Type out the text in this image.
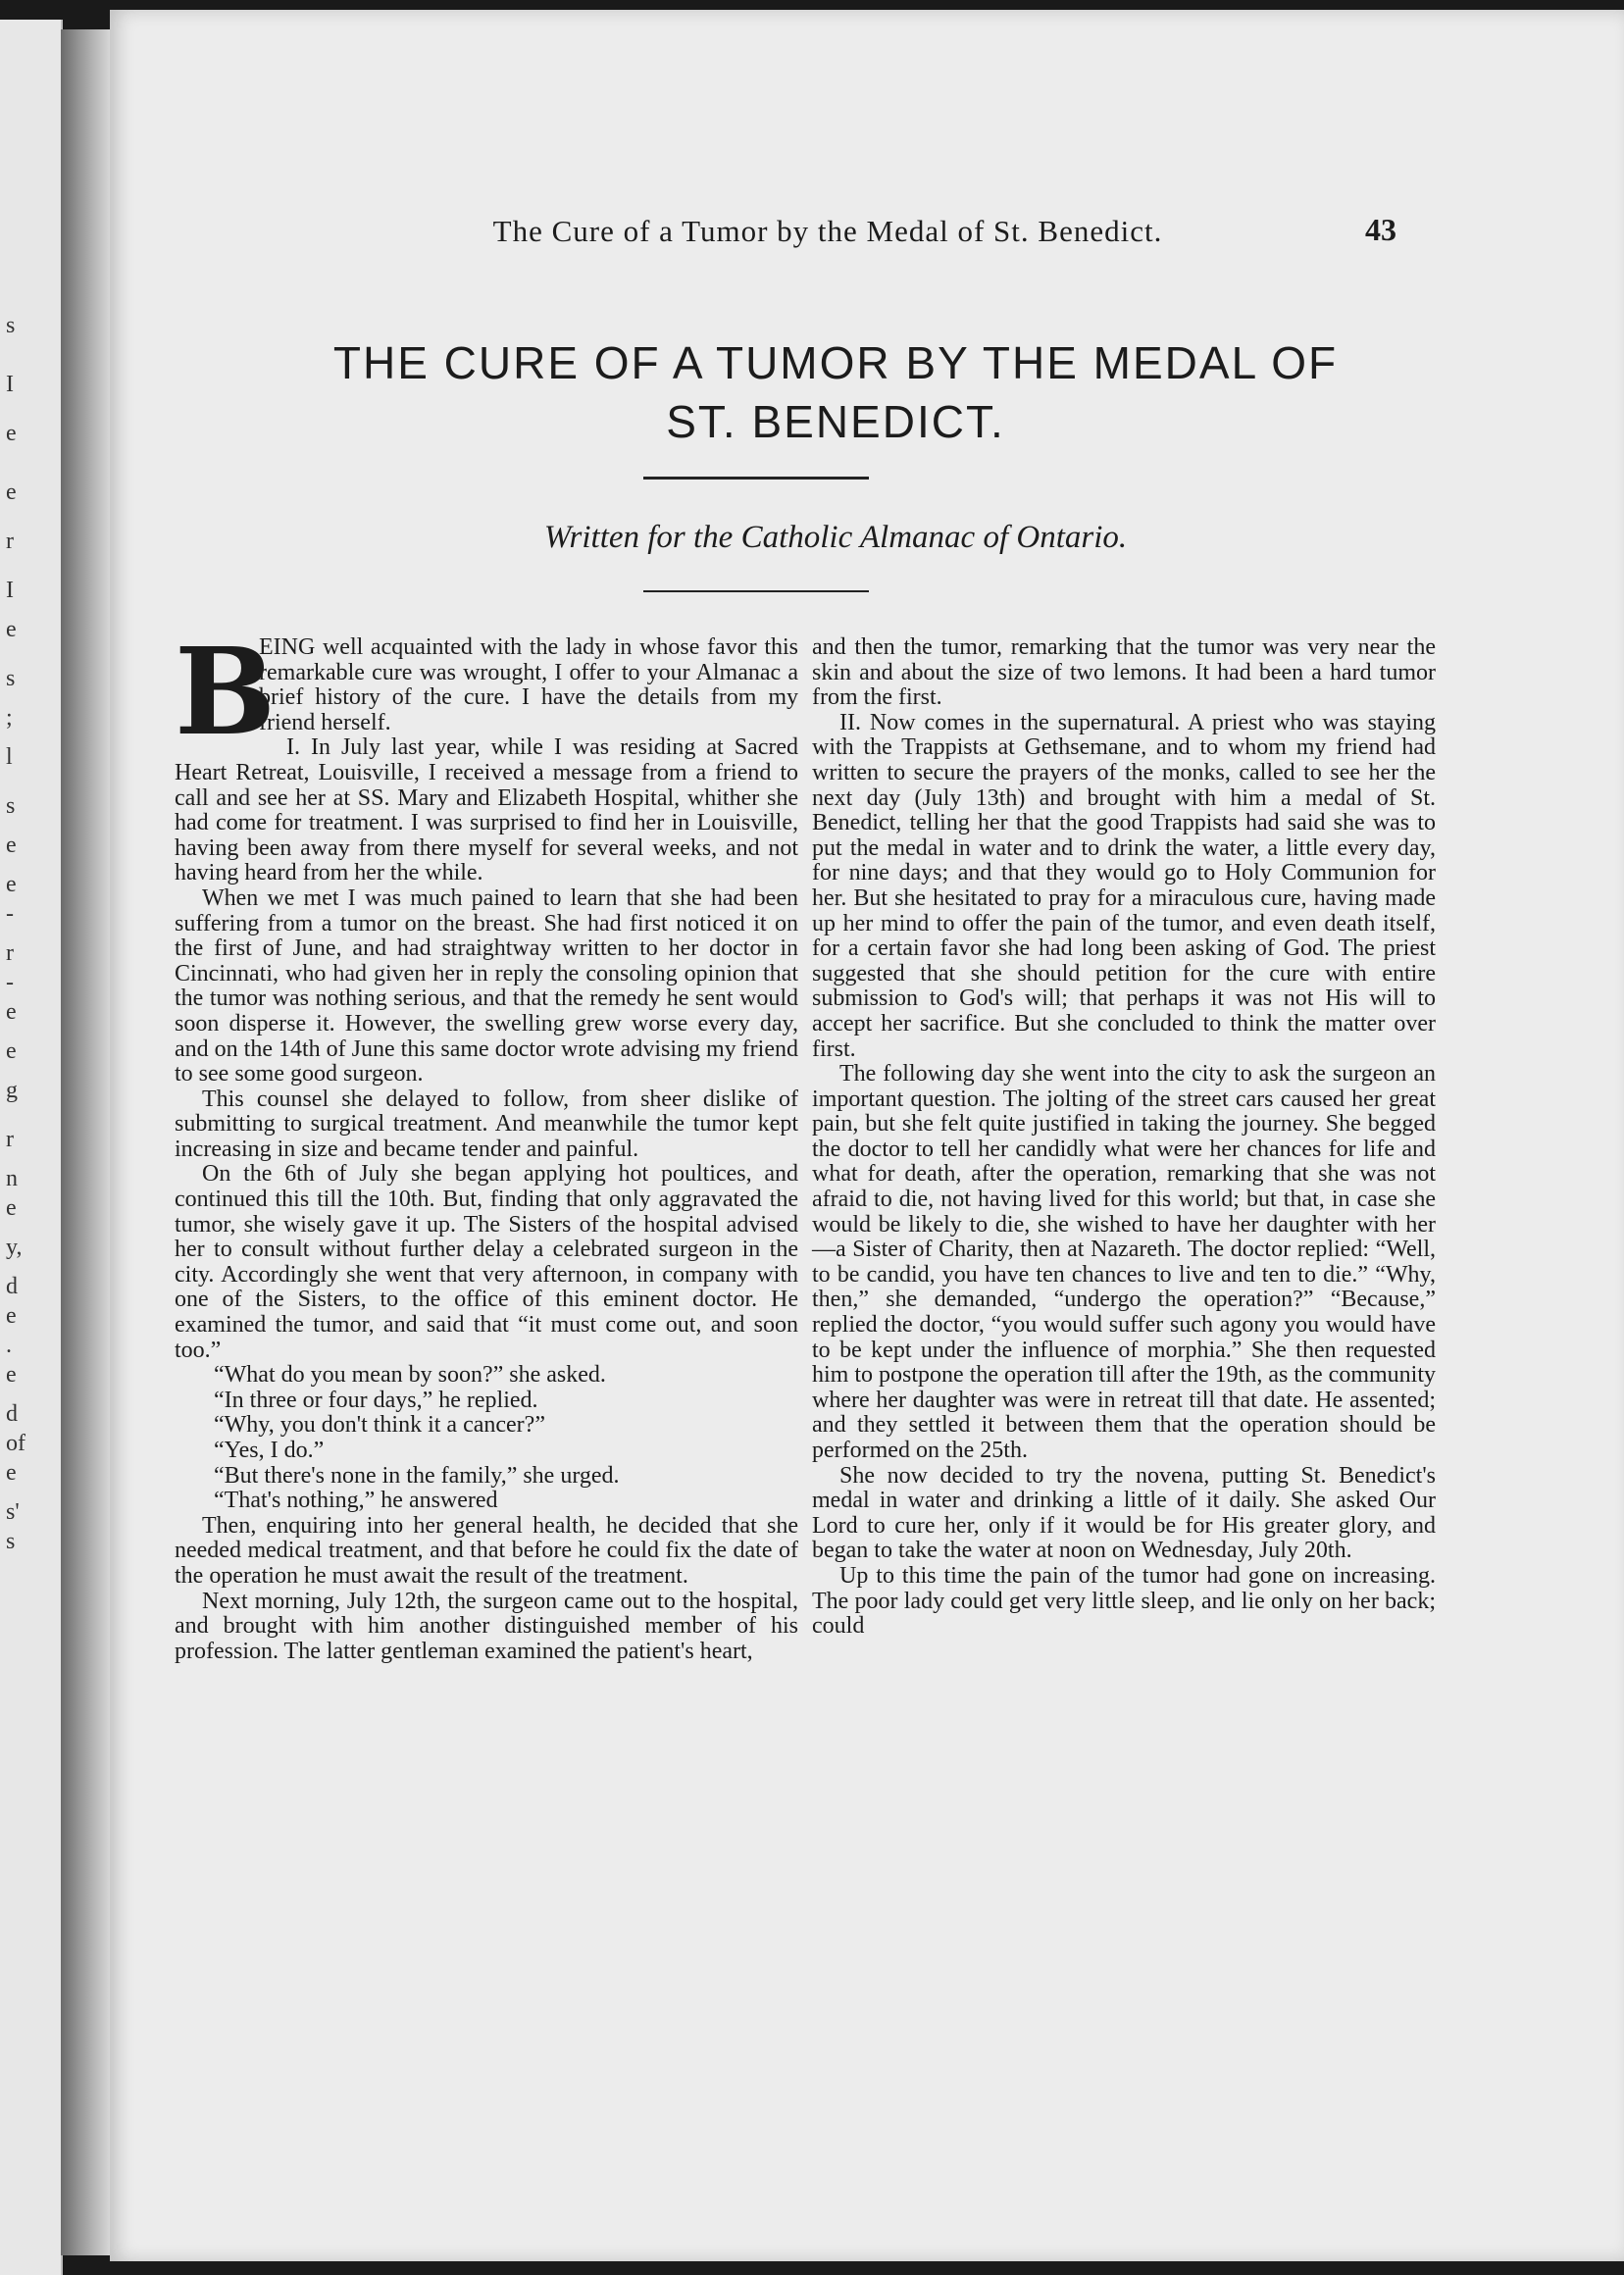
s
I
e
e
r
I
e
s
;
l
s
e
e
-
r
-
e
e
g
r
n
e
y,
d
e
.
e
d
of
e
s'
s
The Cure of a Tumor by the Medal of St. Benedict.	43
THE CURE OF A TUMOR BY THE MEDAL OF
ST. BENEDICT.
Written for the Catholic Almanac of Ontario.

B
EING well acquainted with the lady in whose favor this remarkable cure was wrought, I offer to your Almanac a brief history of the cure. I have the details from my friend herself.

I. In July last year, while I was residing at Sacred Heart Retreat, Louisville, I received a message from a friend to call and see her at SS. Mary and Elizabeth Hospital, whither she had come for treatment. I was surprised to find her in Louisville, having been away from there myself for several weeks, and not having heard from her the while.

When we met I was much pained to learn that she had been suffering from a tumor on the breast. She had first noticed it on the first of June, and had straightway written to her doctor in Cincinnati, who had given her in reply the consoling opinion that the tumor was nothing serious, and that the remedy he sent would soon disperse it. However, the swelling grew worse every day, and on the 14th of June this same doctor wrote advising my friend to see some good surgeon.

This counsel she delayed to follow, from sheer dislike of submitting to surgical treatment. And meanwhile the tumor kept increasing in size and became tender and painful.

On the 6th of July she began applying hot poultices, and continued this till the 10th. But, finding that only aggravated the tumor, she wisely gave it up. The Sisters of the hospital advised her to consult without further delay a celebrated surgeon in the city. Accordingly she went that very afternoon, in company with one of the Sisters, to the office of this eminent doctor. He examined the tumor, and said that “it must come out, and soon too.”

“What do you mean by soon?” she asked.

“In three or four days,” he replied.

“Why, you don't think it a cancer?”

“Yes, I do.”

“But there's none in the family,” she urged.

“That's nothing,” he answered

Then, enquiring into her general health, he decided that she needed medical treatment, and that before he could fix the date of the operation he must await the result of the treatment.

Next morning, July 12th, the surgeon came out to the hospital, and brought with him another distinguished member of his profession. The latter gentleman examined the patient's heart,

and then the tumor, remarking that the tumor was very near the skin and about the size of two lemons. It had been a hard tumor from the first.

II. Now comes in the supernatural. A priest who was staying with the Trappists at Gethsemane, and to whom my friend had written to secure the prayers of the monks, called to see her the next day (July 13th) and brought with him a medal of St. Benedict, telling her that the good Trappists had said she was to put the medal in water and to drink the water, a little every day, for nine days; and that they would go to Holy Communion for her. But she hesitated to pray for a miraculous cure, having made up her mind to offer the pain of the tumor, and even death itself, for a certain favor she had long been asking of God. The priest suggested that she should petition for the cure with entire submission to God's will; that perhaps it was not His will to accept her sacrifice. But she concluded to think the matter over first.

The following day she went into the city to ask the surgeon an important question. The jolting of the street cars caused her great pain, but she felt quite justified in taking the journey. She begged the doctor to tell her candidly what were her chances for life and what for death, after the operation, remarking that she was not afraid to die, not having lived for this world; but that, in case she would be likely to die, she wished to have her daughter with her—a Sister of Charity, then at Nazareth. The doctor replied: “Well, to be candid, you have ten chances to live and ten to die.” “Why, then,” she demanded, “undergo the operation?” “Because,” replied the doctor, “you would suffer such agony you would have to be kept under the influence of morphia.” She then requested him to postpone the operation till after the 19th, as the community where her daughter was were in retreat till that date. He assented; and they settled it between them that the operation should be performed on the 25th.

She now decided to try the novena, putting St. Benedict's medal in water and drinking a little of it daily. She asked Our Lord to cure her, only if it would be for His greater glory, and began to take the water at noon on Wednesday, July 20th.

Up to this time the pain of the tumor had gone on increasing. The poor lady could get very little sleep, and lie only on her back; could
